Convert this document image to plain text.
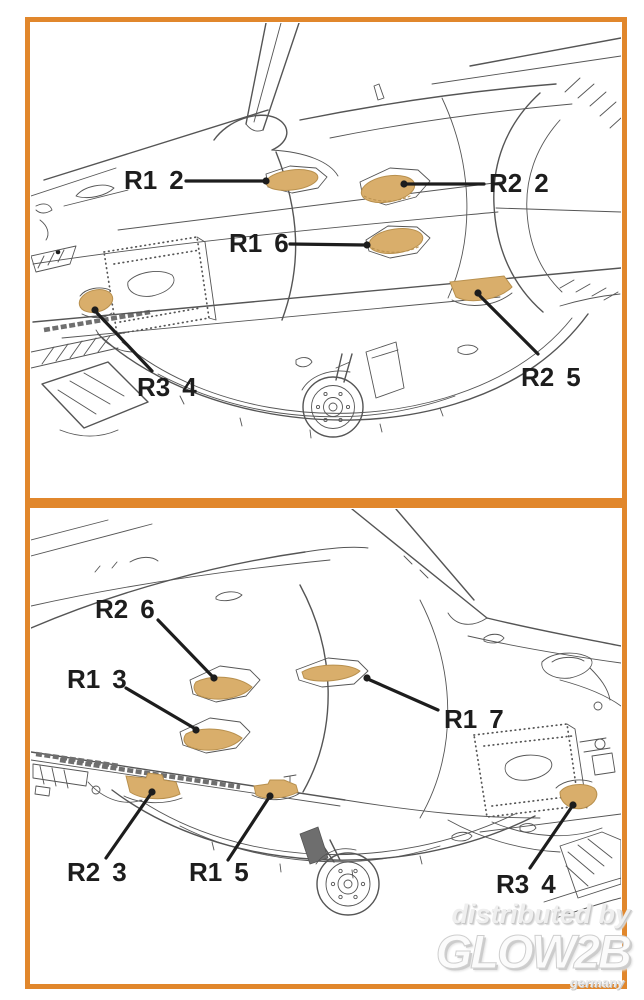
R1 2	R2 2
R1 6
R3 4	R2 5
R2 6
R1 3
R1 7
R2 3 R1 5	R3 4
distributed by
GLOW2B
germany
